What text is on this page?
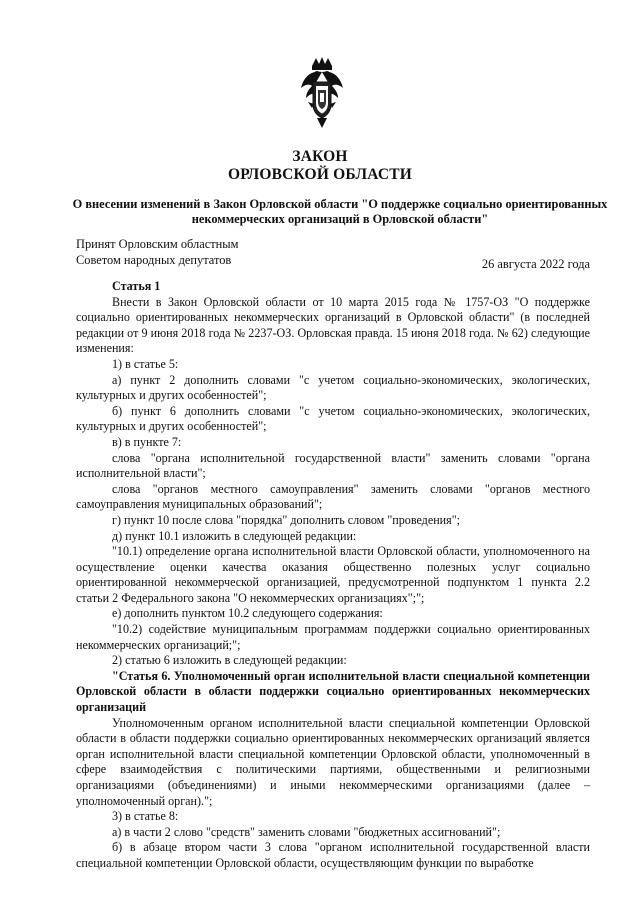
ЗАКОН
ОРЛОВСКОЙ ОБЛАСТИ
О внесении изменений в Закон Орловской области "О поддержке социально ориентированных некоммерческих организаций в Орловской области"
Принят Орловским областным
Советом народных депутатов	26 августа 2022 года
Статья 1

Внести в Закон Орловской области от 10 марта 2015 года № 1757-ОЗ "О поддержке социально ориентированных некоммерческих организаций в Орловской области" (в последней редакции от 9 июня 2018 года № 2237-ОЗ. Орловская правда. 15 июня 2018 года. № 62) следующие изменения:

1) в статье 5:

а) пункт 2 дополнить словами "с учетом социально-экономических, экологических, культурных и других особенностей";

б) пункт 6 дополнить словами "с учетом социально-экономических, экологических, культурных и других особенностей";

в) в пункте 7:

слова "органа исполнительной государственной власти" заменить словами "органа исполнительной власти";

слова "органов местного самоуправления" заменить словами "органов местного самоуправления муниципальных образований";

г) пункт 10 после слова "порядка" дополнить словом "проведения";

д) пункт 10.1 изложить в следующей редакции:

"10.1) определение органа исполнительной власти Орловской области, уполномоченного на осуществление оценки качества оказания общественно полезных услуг социально ориентированной некоммерческой организацией, предусмотренной подпунктом 1 пункта 2.2 статьи 2 Федерального закона "О некоммерческих организациях";";

е) дополнить пунктом 10.2 следующего содержания:

"10.2) содействие муниципальным программам поддержки социально ориентированных некоммерческих организаций;";

2) статью 6 изложить в следующей редакции:

"Статья 6. Уполномоченный орган исполнительной власти специальной компетенции Орловской области в области поддержки социально ориентированных некоммерческих организаций

Уполномоченным органом исполнительной власти специальной компетенции Орловской области в области поддержки социально ориентированных некоммерческих организаций является орган исполнительной власти специальной компетенции Орловской области, уполномоченный в сфере взаимодействия с политическими партиями, общественными и религиозными организациями (объединениями) и иными некоммерческими организациями (далее – уполномоченный орган).";

3) в статье 8:

а) в части 2 слово "средств" заменить словами "бюджетных ассигнований";

б) в абзаце втором части 3 слова "органом исполнительной государственной власти специальной компетенции Орловской области, осуществляющим функции по выработке
